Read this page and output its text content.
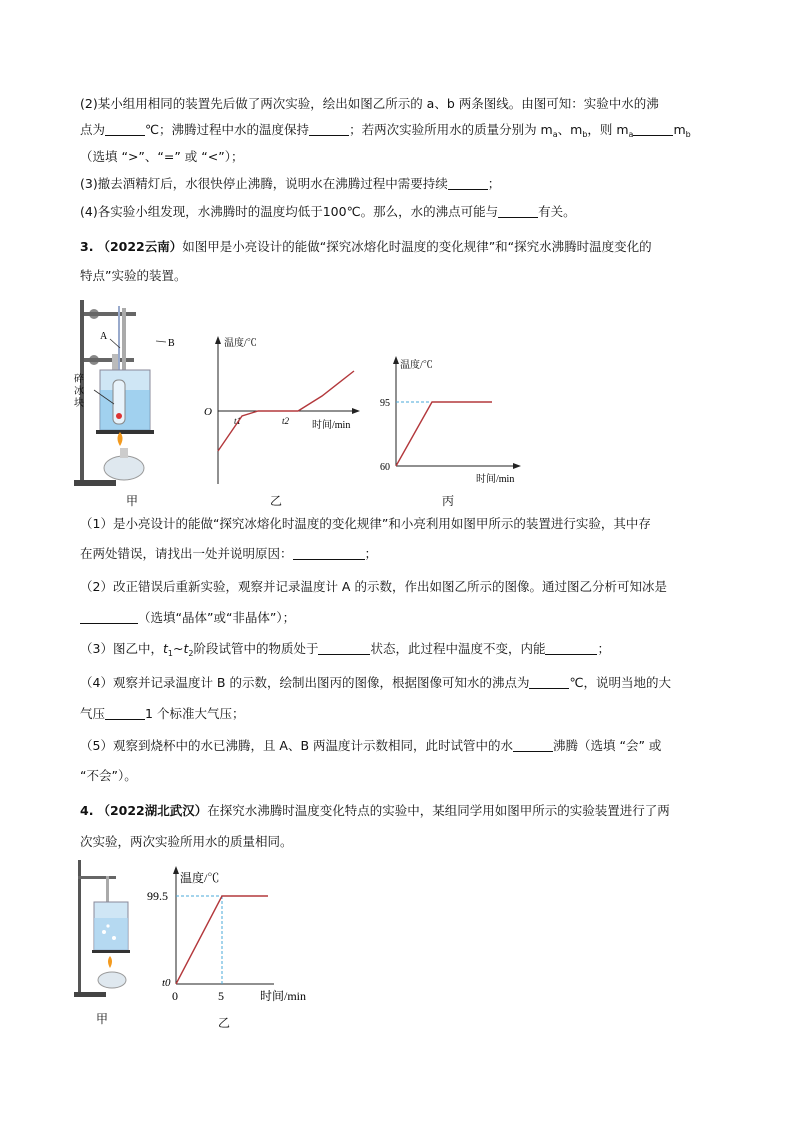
(2)某小组用相同的装置先后做了两次实验，绘出如图乙所示的 a、b 两条图线。由图可知：实验中水的沸
点为	℃；沸腾过程中水的温度保持	；若两次实验所用水的质量分别为 $m_a$、$m_b$，则 $m_a$	$m_b$
（选填 “>”、“=” 或 “<”）；
(3)撤去酒精灯后，水很快停止沸腾，说明水在沸腾过程中需要持续	；
(4)各实验小组发现，水沸腾时的温度均低于100℃。那么，水的沸点可能与	有关。
3. （2022云南）如图甲是小亮设计的能做“探究冰熔化时温度的变化规律”和“探究水沸腾时温度变化的
特点”实验的装置。
A
B
碎
冰
块
甲
温度/℃
时间/min
O
t1	t2
乙
温度/℃
时间/min
95
60
丙
（1）是小亮设计的能做“探究冰熔化时温度的变化规律”和小亮利用如图甲所示的装置进行实验，其中存
在两处错误，请找出一处并说明原因：	；
（2）改正错误后重新实验，观察并记录温度计 A 的示数，作出如图乙所示的图像。通过图乙分析可知冰是
（选填“晶体”或“非晶体”）；
（3）图乙中，$t_1\sim t_2$阶段试管中的物质处于	状态，此过程中温度不变，内能	；
（4）观察并记录温度计 B 的示数，绘制出图丙的图像，根据图像可知水的沸点为	℃，说明当地的大
气压	1 个标准大气压；
（5）观察到烧杯中的水已沸腾，且 A、B 两温度计示数相同，此时试管中的水	沸腾（选填 “会” 或
“不会”）。
4. （2022湖北武汉）在探究水沸腾时温度变化特点的实验中，某组同学用如图甲所示的实验装置进行了两
次实验，两次实验所用水的质量相同。
甲
温度/℃
时间/min
99.5
t0
0	5
乙
